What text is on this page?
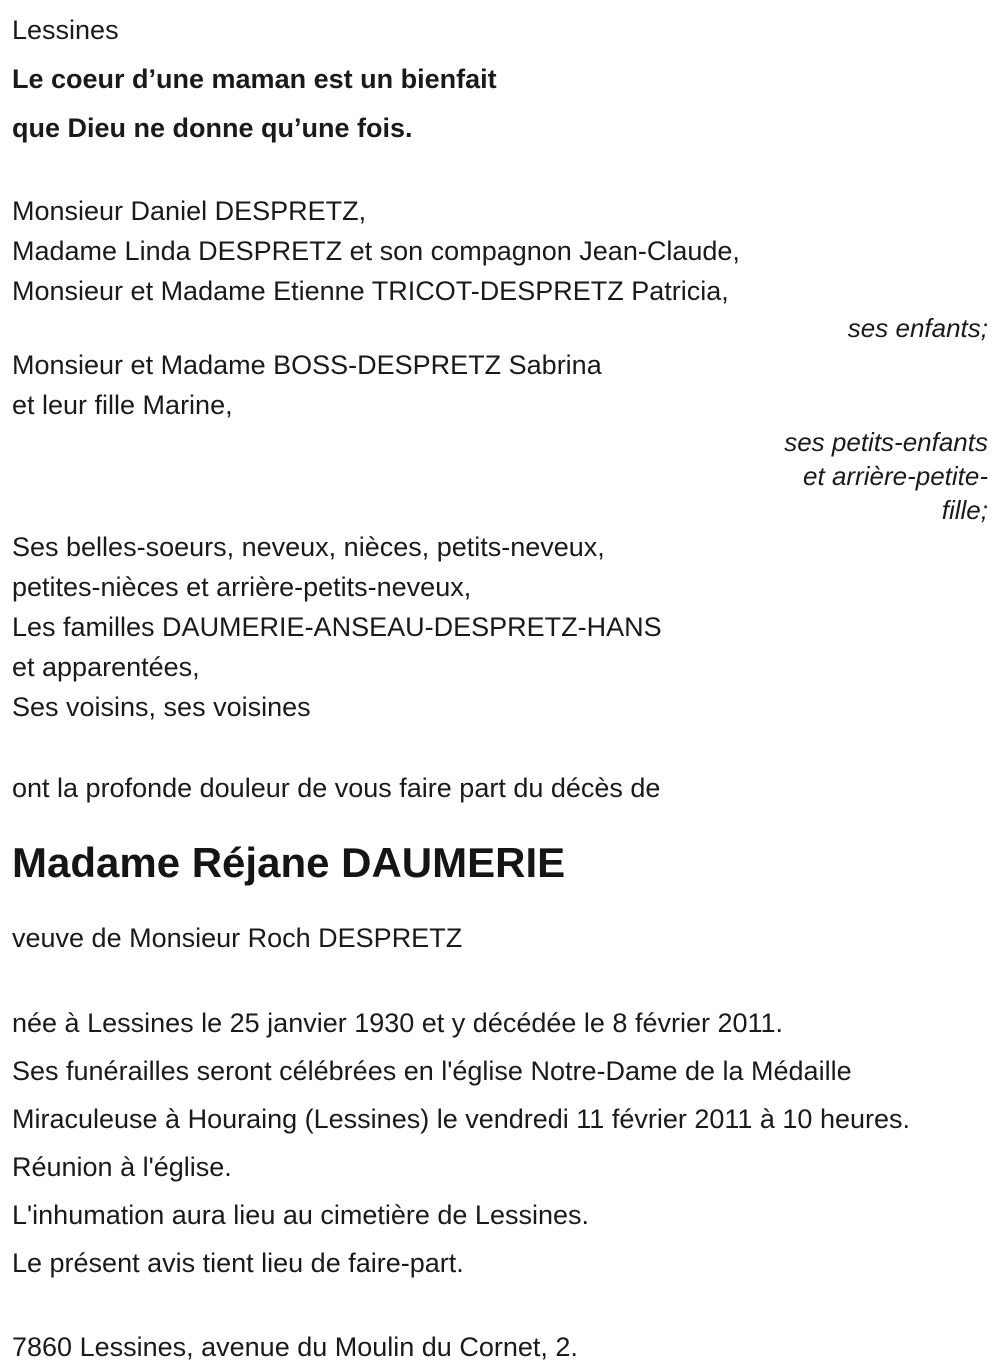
Lessines
Le coeur d’une maman est un bienfait
que Dieu ne donne qu’une fois.
Monsieur Daniel DESPRETZ,
Madame Linda DESPRETZ et son compagnon Jean-Claude,
Monsieur et Madame Etienne TRICOT-DESPRETZ Patricia,
ses enfants;
Monsieur et Madame BOSS-DESPRETZ Sabrina
et leur fille Marine,
ses petits-enfants
et arrière-petite-
fille;
Ses belles-soeurs, neveux, nièces, petits-neveux,
petites-nièces et arrière-petits-neveux,
Les familles DAUMERIE-ANSEAU-DESPRETZ-HANS
et apparentées,
Ses voisins, ses voisines
ont la profonde douleur de vous faire part du décès de
Madame Réjane DAUMERIE
veuve de Monsieur Roch DESPRETZ
née à Lessines le 25 janvier 1930 et y décédée le 8 février 2011.
Ses funérailles seront célébrées en l'église Notre-Dame de la Médaille
Miraculeuse à Houraing (Lessines) le vendredi 11 février 2011 à 10 heures.
Réunion à l'église.
L'inhumation aura lieu au cimetière de Lessines.
Le présent avis tient lieu de faire-part.
7860 Lessines, avenue du Moulin du Cornet, 2.
